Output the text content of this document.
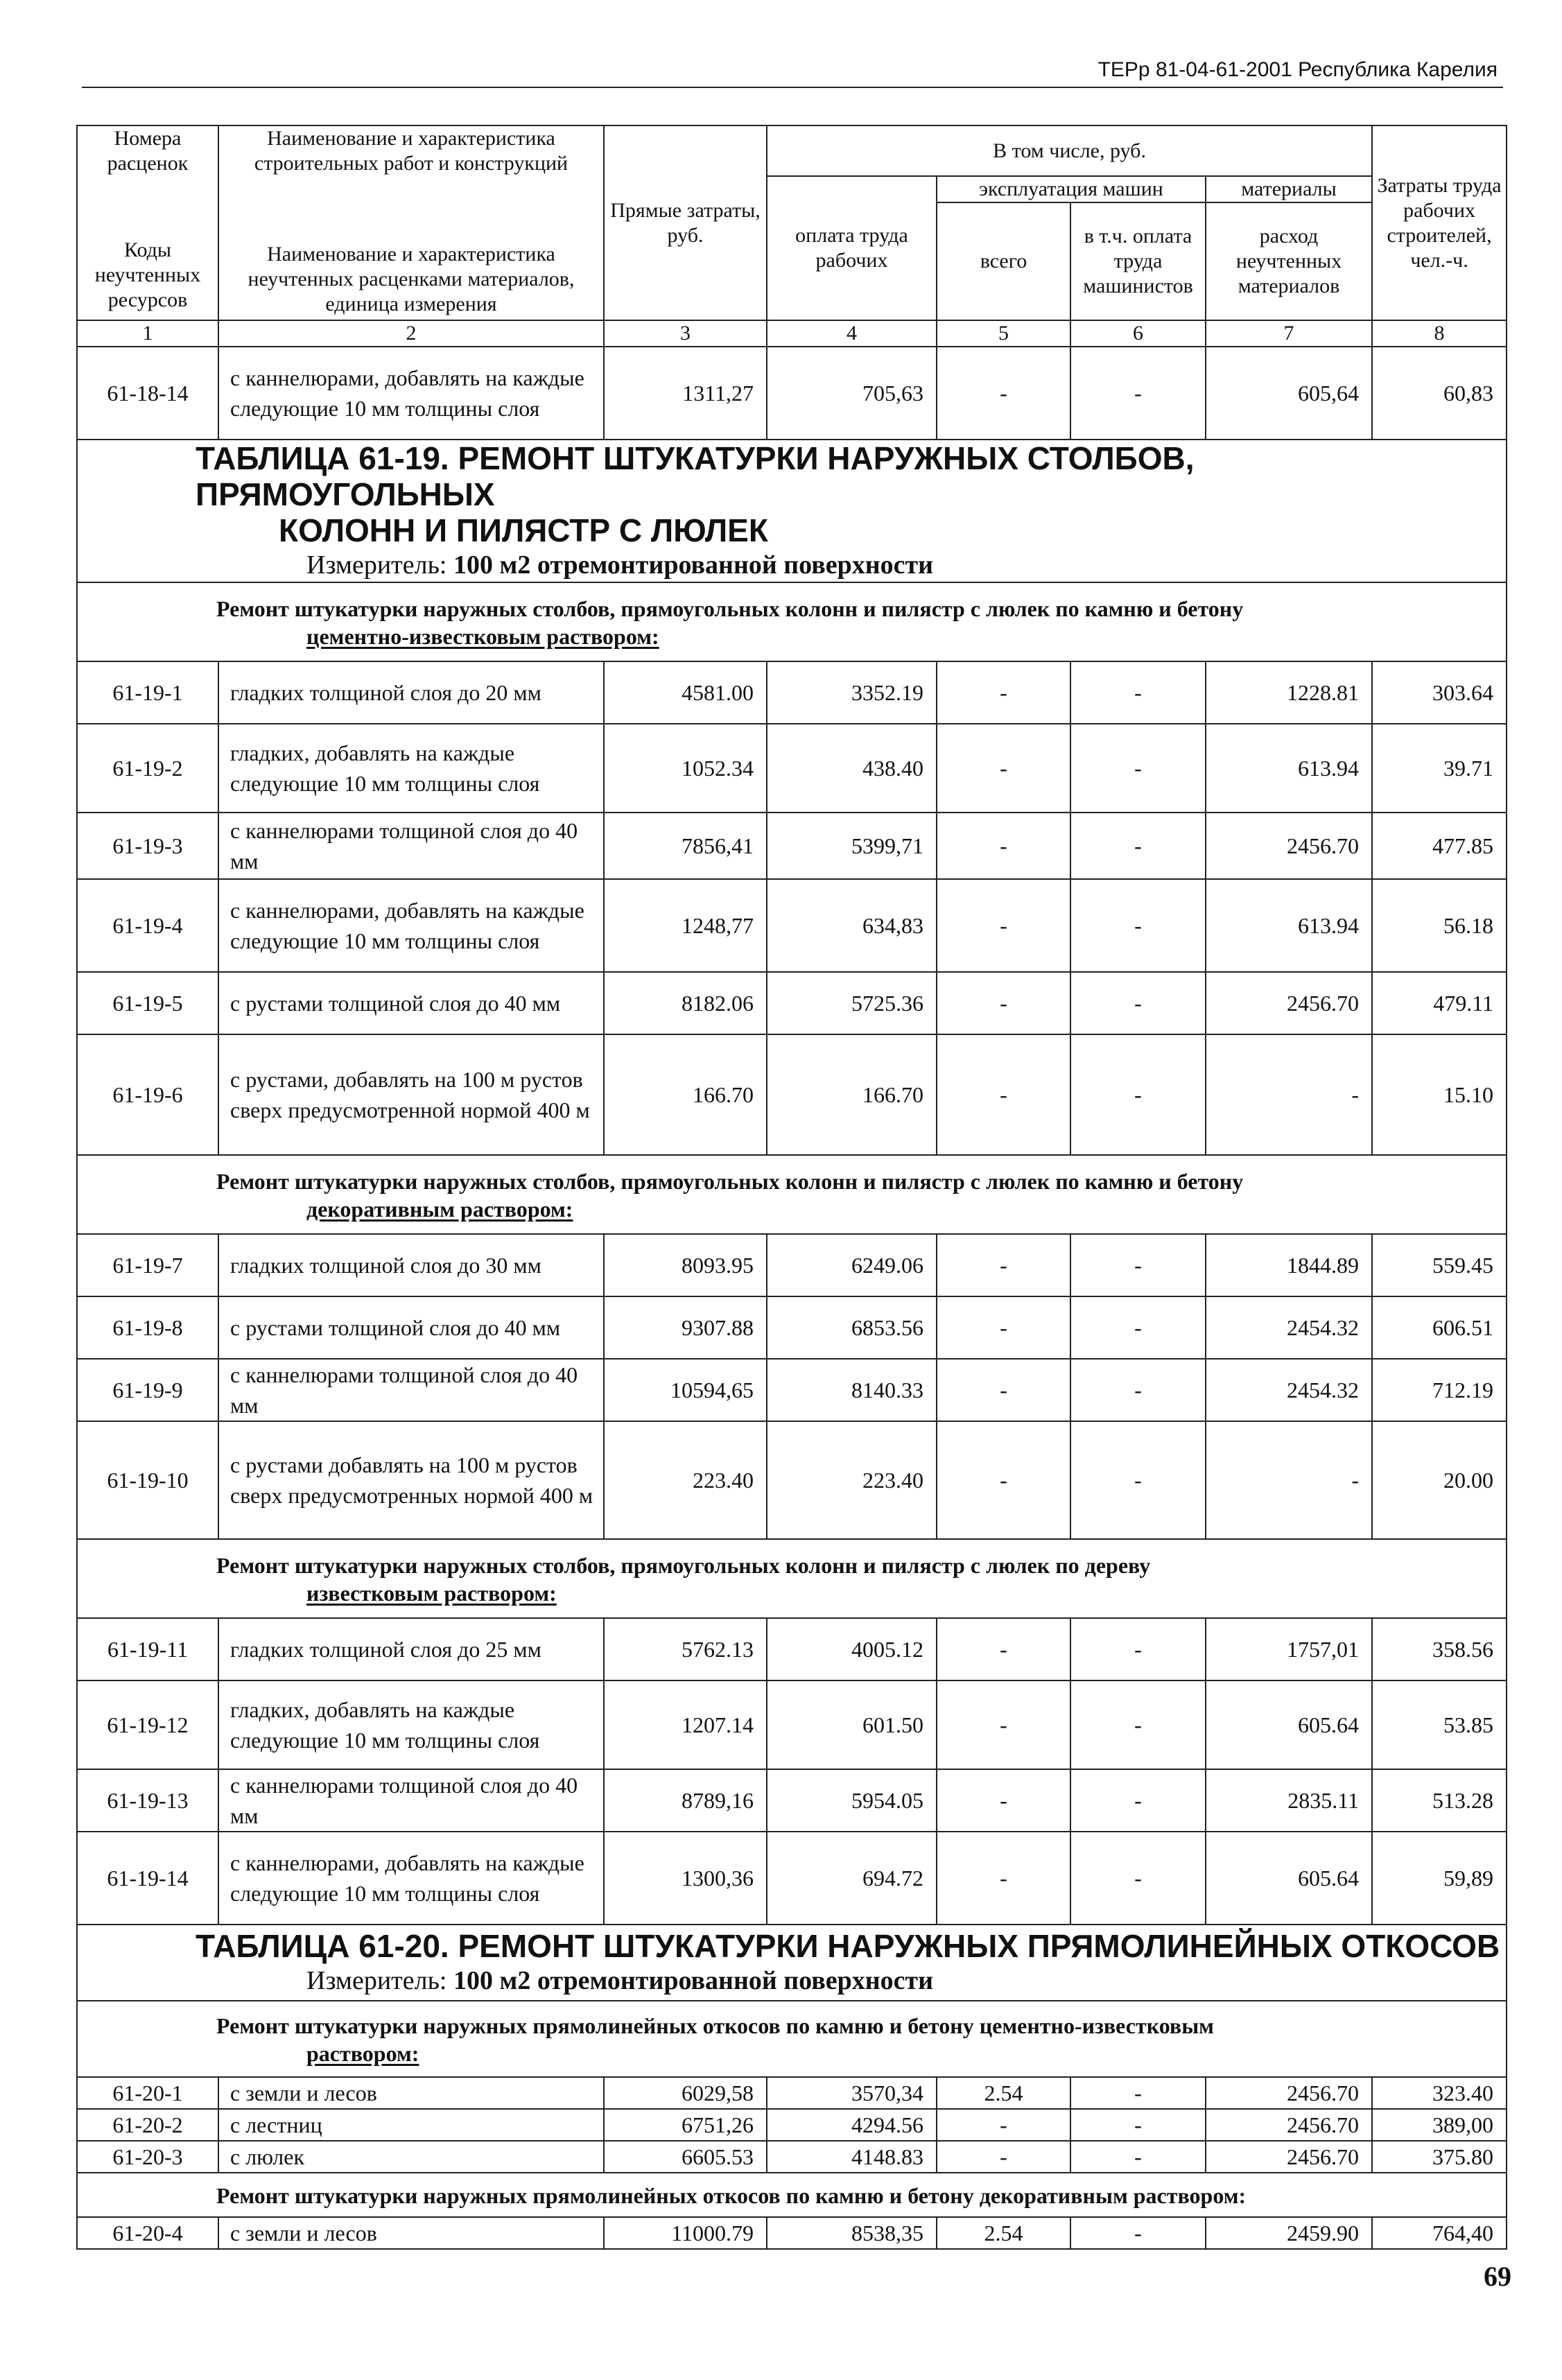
ТЕРр 81-04-61-2001 Республика Карелия
Номера расценок	Наименование и характеристика строительных работ и конструкций	Прямые затраты, руб.	В том числе, руб.				Затраты труда рабочих строителей, чел.-ч.
Коды неучтенных ресурсов	Наименование и характеристика неучтенных расценками материалов, единица измерения		оплата труда рабочих	эксплуатация машин		материалы	
				всего	в т.ч. оплата труда машинистов	расход неучтенных материалов	
1	2	3	4	5	6	7	8
61-18-14	с каннелюрами, добавлять на каждые следующие 10 мм толщины слоя	1311,27	705,63	-	-	605,64	60,83

ТАБЛИЦА 61-19. РЕМОНТ ШТУКАТУРКИ НАРУЖНЫХ СТОЛБОВ, ПРЯМОУГОЛЬНЫХ
КОЛОНН И ПИЛЯСТР С ЛЮЛЕК
Измеритель: 100 м2 отремонтированной поверхности							

Ремонт штукатурки наружных столбов, прямоугольных колонн и пилястр с люлек по камню и бетону
цементно-известковым раствором:							

61-19-1	гладких толщиной слоя до 20 мм	4581.00	3352.19	-	-	1228.81	303.64
61-19-2	гладких, добавлять на каждые следующие 10 мм толщины слоя	1052.34	438.40	-	-	613.94	39.71
61-19-3	с каннелюрами толщиной слоя до 40 мм	7856,41	5399,71	-	-	2456.70	477.85
61-19-4	с каннелюрами, добавлять на каждые следующие 10 мм толщины слоя	1248,77	634,83	-	-	613.94	56.18
61-19-5	с рустами толщиной слоя до 40 мм	8182.06	5725.36	-	-	2456.70	479.11
61-19-6	с рустами, добавлять на 100 м рустов сверх предусмотренной нормой 400 м	166.70	166.70	-	-	-	15.10

Ремонт штукатурки наружных столбов, прямоугольных колонн и пилястр с люлек по камню и бетону
декоративным раствором:							

61-19-7	гладких толщиной слоя до 30 мм	8093.95	6249.06	-	-	1844.89	559.45
61-19-8	с рустами толщиной слоя до 40 мм	9307.88	6853.56	-	-	2454.32	606.51
61-19-9	с каннелюрами толщиной слоя до 40 мм	10594,65	8140.33	-	-	2454.32	712.19
61-19-10	с рустами добавлять на 100 м рустов сверх предусмотренных нормой 400 м	223.40	223.40	-	-	-	20.00

Ремонт штукатурки наружных столбов, прямоугольных колонн и пилястр с люлек по дереву
известковым раствором:							

61-19-11	гладких толщиной слоя до 25 мм	5762.13	4005.12	-	-	1757,01	358.56
61-19-12	гладких, добавлять на каждые следующие 10 мм толщины слоя	1207.14	601.50	-	-	605.64	53.85
61-19-13	с каннелюрами толщиной слоя до 40 мм	8789,16	5954.05	-	-	2835.11	513.28
61-19-14	с каннелюрами, добавлять на каждые следующие 10 мм толщины слоя	1300,36	694.72	-	-	605.64	59,89

ТАБЛИЦА 61-20. РЕМОНТ ШТУКАТУРКИ НАРУЖНЫХ ПРЯМОЛИНЕЙНЫХ ОТКОСОВ
Измеритель: 100 м2 отремонтированной поверхности							

Ремонт штукатурки наружных прямолинейных откосов по камню и бетону цементно-известковым
раствором:							

61-20-1	с земли и лесов	6029,58	3570,34	2.54	-	2456.70	323.40
61-20-2	с лестниц	6751,26	4294.56	-	-	2456.70	389,00
61-20-3	с люлек	6605.53	4148.83	-	-	2456.70	375.80

Ремонт штукатурки наружных прямолинейных откосов по камню и бетону декоративным раствором:							

61-20-4	с земли и лесов	11000.79	8538,35	2.54	-	2459.90	764,40
69
